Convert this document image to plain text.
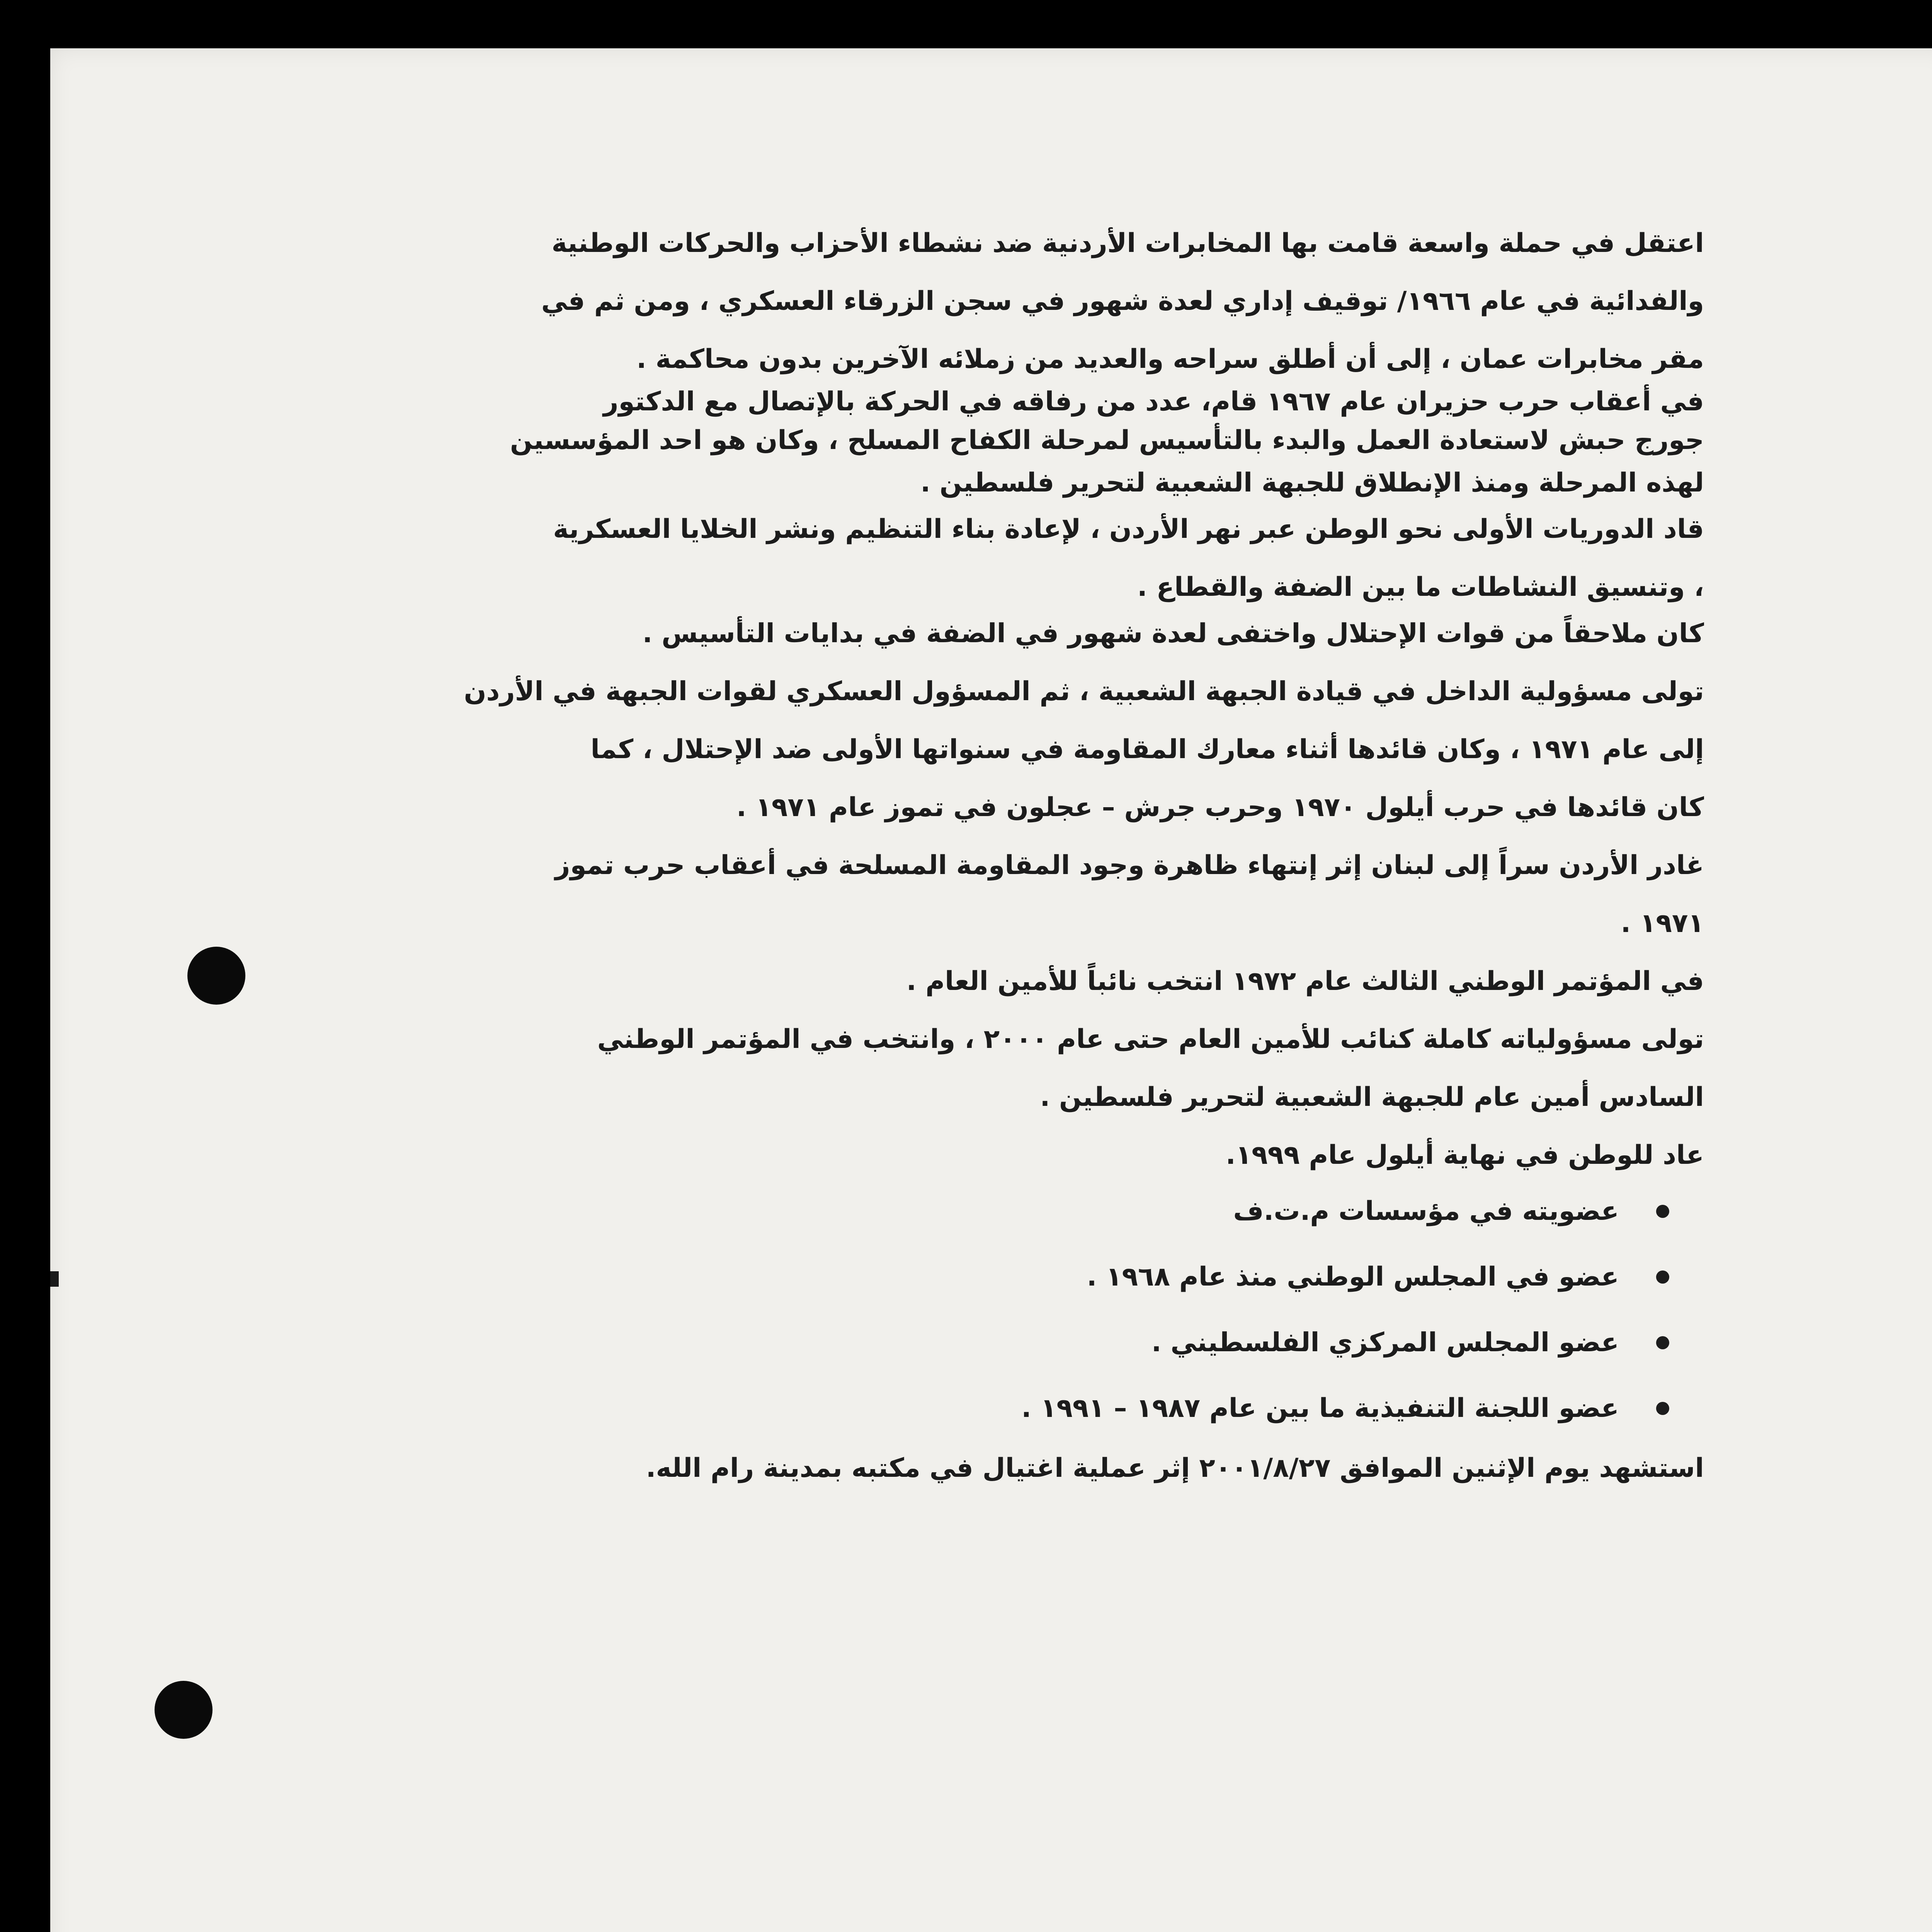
اعتقل في حملة واسعة قامت بها المخابرات الأردنية ضد نشطاء الأحزاب والحركات الوطنية
والفدائية في عام ١٩٦٦/ توقيف إداري لعدة شهور في سجن الزرقاء العسكري ، ومن ثم في
مقر مخابرات عمان ، إلى أن أطلق سراحه والعديد من زملائه الآخرين بدون محاكمة .
في أعقاب حرب حزيران عام ١٩٦٧ قام، عدد من رفاقه في الحركة بالإتصال مع الدكتور
جورج حبش لاستعادة العمل والبدء بالتأسيس لمرحلة الكفاح المسلح ، وكان هو احد المؤسسين
لهذه المرحلة ومنذ الإنطلاق للجبهة الشعبية لتحرير فلسطين .
قاد الدوريات الأولى نحو الوطن عبر نهر الأردن ، لإعادة بناء التنظيم ونشر الخلايا العسكرية
، وتنسيق النشاطات ما بين الضفة والقطاع .
كان ملاحقاً من قوات الإحتلال واختفى لعدة شهور في الضفة في بدايات التأسيس .
تولى مسؤولية الداخل في قيادة الجبهة الشعبية ، ثم المسؤول العسكري لقوات الجبهة في الأردن
إلى عام ١٩٧١ ، وكان قائدها أثناء معارك المقاومة في سنواتها الأولى ضد الإحتلال ، كما
كان قائدها في حرب أيلول ١٩٧٠ وحرب جرش – عجلون في تموز عام ١٩٧١ .
غادر الأردن سراً إلى لبنان إثر إنتهاء ظاهرة وجود المقاومة المسلحة في أعقاب حرب تموز
١٩٧١ .
في المؤتمر الوطني الثالث عام ١٩٧٢ انتخب نائباً للأمين العام .
تولى مسؤولياته كاملة كنائب للأمين العام حتى عام ٢٠٠٠ ، وانتخب في المؤتمر الوطني
السادس أمين عام للجبهة الشعبية لتحرير فلسطين .
عاد للوطن في نهاية أيلول عام ١٩٩٩.
عضويته في مؤسسات م.ت.ف
عضو في المجلس الوطني منذ عام ١٩٦٨ .
عضو المجلس المركزي الفلسطيني .
عضو اللجنة التنفيذية ما بين عام ١٩٨٧ – ١٩٩١ .
استشهد يوم الإثنين الموافق ٢٠٠١/٨/٢٧ إثر عملية اغتيال في مكتبه بمدينة رام الله.
